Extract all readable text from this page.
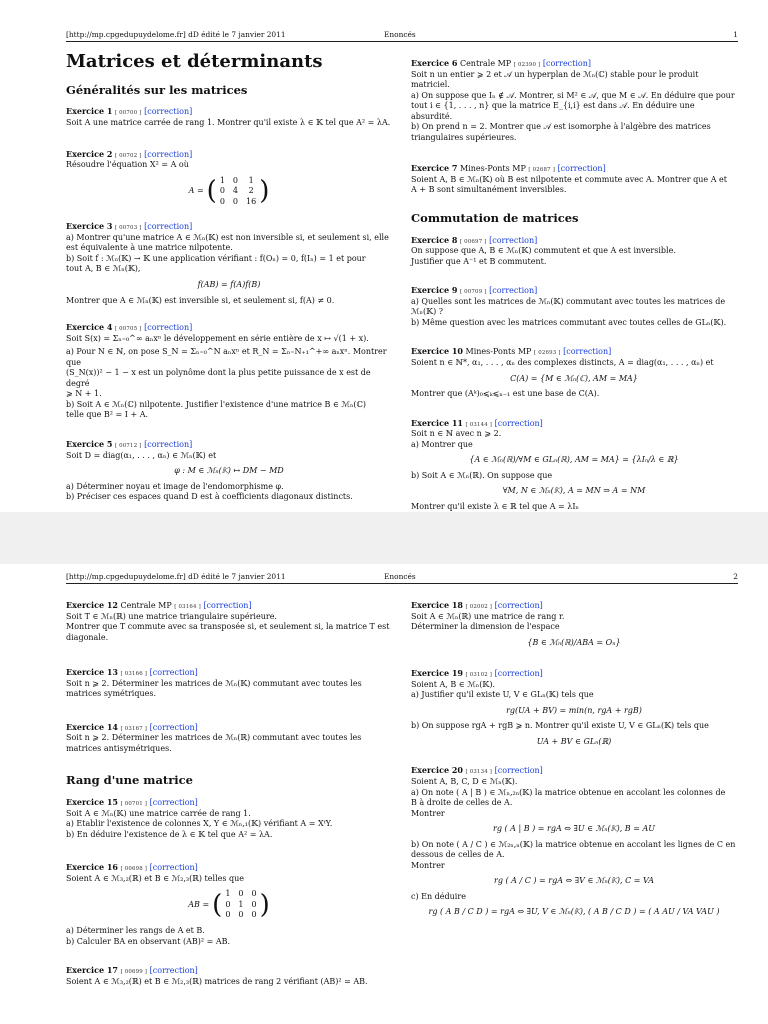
[http://mp.cpgedupuydelome.fr] dD édité le 7 janvier 2011	Enoncés	1
Matrices et déterminants
Généralités sur les matrices
Exercice 1 [ 00700 ] [correction]
Soit A une matrice carrée de rang 1. Montrer qu'il existe λ ∈ 𝕂 tel que A² = λA.
Exercice 2 [ 00702 ] [correction]
Résoudre l'équation X² = A où
A = ( 1 0	1
0 4	2
0 0 16 )
Exercice 3 [ 00703 ] [correction]
a) Montrer qu'une matrice A ∈ ℳₙ(𝕂) est non inversible si, et seulement si, elle
est équivalente à une matrice nilpotente.
b) Soit f : ℳₙ(𝕂) → 𝕂 une application vérifiant : f(Oₙ) = 0, f(Iₙ) = 1 et pour
tout A, B ∈ ℳₙ(𝕂),
f(AB) = f(A)f(B)
Montrer que A ∈ ℳₙ(𝕂) est inversible si, et seulement si, f(A) ≠ 0.
Exercice 4 [ 00705 ] [correction]
Soit S(x) = Σₙ₌₀^∞ aₙxⁿ le développement en série entière de x ↦ √(1 + x).
a) Pour N ∈ ℕ, on pose S_N = Σₙ₌₀^N aₙxⁿ et R_N = Σₙ₌N₊₁^+∞ aₙxⁿ. Montrer que
(S_N(x))² − 1 − x est un polynôme dont la plus petite puissance de x est de degré
⩾ N + 1.
b) Soit A ∈ ℳₙ(ℂ) nilpotente. Justifier l'existence d'une matrice B ∈ ℳₙ(ℂ)
telle que B² = I + A.
Exercice 5 [ 00712 ] [correction]
Soit D = diag(α₁, . . . , αₙ) ∈ ℳₙ(𝕂) et
φ : M ∈ ℳₙ(𝕂) ↦ DM − MD
a) Déterminer noyau et image de l'endomorphisme φ.
b) Préciser ces espaces quand D est à coefficients diagonaux distincts.
Exercice 6 Centrale MP [ 02390 ] [correction]
Soit n un entier ⩾ 2 et 𝒜 un hyperplan de ℳₙ(ℂ) stable pour le produit matriciel.
a) On suppose que Iₙ ∉ 𝒜. Montrer, si M² ∈ 𝒜, que M ∈ 𝒜. En déduire que pour
tout i ∈ {1, . . . , n} que la matrice E_{i,i} est dans 𝒜. En déduire une absurdité.
b) On prend n = 2. Montrer que 𝒜 est isomorphe à l'algèbre des matrices
triangulaires supérieures.
Exercice 7 Mines-Ponts MP [ 02687 ] [correction]
Soient A, B ∈ ℳₙ(𝕂) où B est nilpotente et commute avec A. Montrer que A et
A + B sont simultanément inversibles.
Commutation de matrices
Exercice 8 [ 00697 ] [correction]
On suppose que A, B ∈ ℳₙ(𝕂) commutent et que A est inversible.
Justifier que A⁻¹ et B commutent.
Exercice 9 [ 00709 ] [correction]
a) Quelles sont les matrices de ℳₙ(𝕂) commutant avec toutes les matrices de
ℳₙ(𝕂) ?
b) Même question avec les matrices commutant avec toutes celles de GLₙ(𝕂).
Exercice 10 Mines-Ponts MP [ 02693 ] [correction]
Soient n ∈ ℕ*, α₁, . . . , αₙ des complexes distincts, A = diag(α₁, . . . , αₙ) et
C(A) = {M ∈ ℳₙ(ℂ), AM = MA}
Montrer que (Aᵏ)₀⩽ₖ⩽ₙ₋₁ est une base de C(A).
Exercice 11 [ 03144 ] [correction]
Soit n ∈ ℕ avec n ⩾ 2.
a) Montrer que
{A ∈ ℳₙ(ℝ)/∀M ∈ GLₙ(ℝ), AM = MA} = {λIₙ/λ ∈ ℝ}
b) Soit A ∈ ℳₙ(ℝ). On suppose que
∀M, N ∈ ℳₙ(𝕂), A = MN ⇒ A = NM
Montrer qu'il existe λ ∈ ℝ tel que A = λIₙ
[http://mp.cpgedupuydelome.fr] dD édité le 7 janvier 2011	Enoncés	2
Exercice 12 Centrale MP [ 03164 ] [correction]
Soit T ∈ ℳₙ(ℝ) une matrice triangulaire supérieure.
Montrer que T commute avec sa transposée si, et seulement si, la matrice T est
diagonale.
Exercice 13 [ 03166 ] [correction]
Soit n ⩾ 2. Déterminer les matrices de ℳₙ(𝕂) commutant avec toutes les
matrices symétriques.
Exercice 14 [ 03167 ] [correction]
Soit n ⩾ 2. Déterminer les matrices de ℳₙ(ℝ) commutant avec toutes les
matrices antisymétriques.
Rang d'une matrice
Exercice 15 [ 00701 ] [correction]
Soit A ∈ ℳₙ(𝕂) une matrice carrée de rang 1.
a) Etablir l'existence de colonnes X, Y ∈ ℳₙ,₁(𝕂) vérifiant A = XᵗY.
b) En déduire l'existence de λ ∈ 𝕂 tel que A² = λA.
Exercice 16 [ 00698 ] [correction]
Soient A ∈ ℳ₃,₂(ℝ) et B ∈ ℳ₂,₃(ℝ) telles que
AB = ( 1 0 0
0 1 0
0 0 0 )
a) Déterminer les rangs de A et B.
b) Calculer BA en observant (AB)² = AB.
Exercice 17 [ 00699 ] [correction]
Soient A ∈ ℳ₃,₂(ℝ) et B ∈ ℳ₂,₃(ℝ) matrices de rang 2 vérifiant (AB)² = AB.
Exercice 18 [ 02002 ] [correction]
Soit A ∈ ℳₙ(ℝ) une matrice de rang r.
Déterminer la dimension de l'espace
{B ∈ ℳₙ(ℝ)/ABA = Oₙ}
Exercice 19 [ 03102 ] [correction]
Soient A, B ∈ ℳₙ(𝕂).
a) Justifier qu'il existe U, V ∈ GLₙ(𝕂) tels que
rg(UA + BV) = min(n, rgA + rgB)
b) On suppose rgA + rgB ⩾ n. Montrer qu'il existe U, V ∈ GLₙ(𝕂) tels que
UA + BV ∈ GLₙ(ℝ)
Exercice 20 [ 03134 ] [correction]
Soient A, B, C, D ∈ ℳₙ(𝕂).
a) On note ( A | B ) ∈ ℳₙ,₂ₙ(𝕂) la matrice obtenue en accolant les colonnes de
B à droite de celles de A.
Montrer
rg ( A | B ) = rgA ⇔ ∃U ∈ ℳₙ(𝕂), B = AU
b) On note ( A / C ) ∈ ℳ₂ₙ,ₙ(𝕂) la matrice obtenue en accolant les lignes de C en
dessous de celles de A.
Montrer
rg ( A / C ) = rgA ⇔ ∃V ∈ ℳₙ(𝕂), C = VA
c) En déduire
rg ( A B / C D ) = rgA ⇔ ∃U, V ∈ ℳₙ(𝕂), ( A B / C D ) = ( A AU / VA VAU )
